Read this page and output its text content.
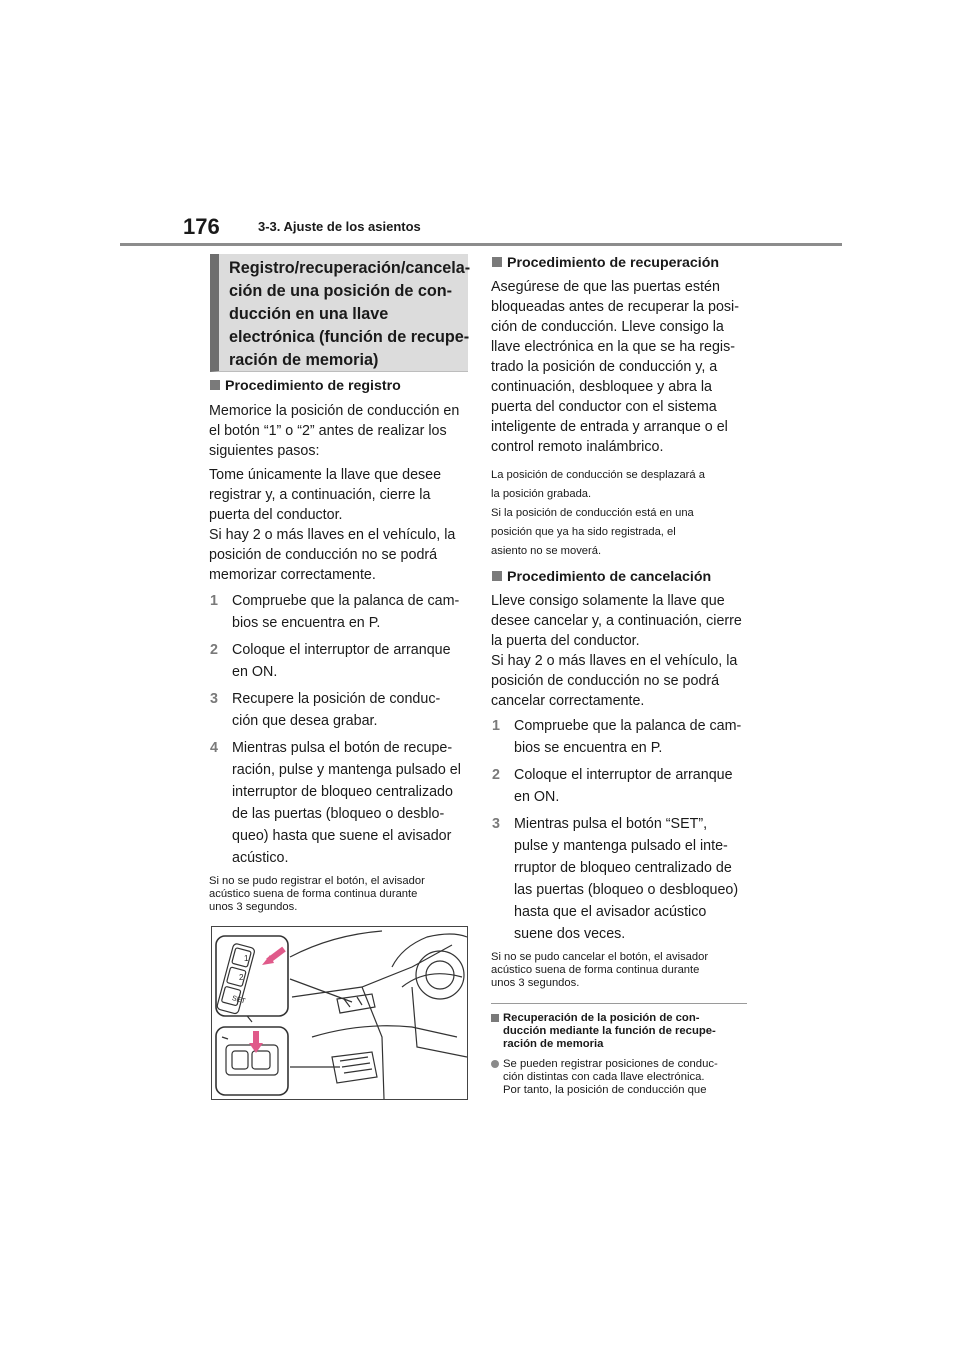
176	3-3. Ajuste de los asientos
Registro/recuperación/cancela-
ción de una posición de con-
ducción en una llave
electrónica (función de recupe-
ración de memoria)
Procedimiento de registro
Memorice la posición de conducción en
el botón “1” o “2” antes de realizar los
siguientes pasos:
Tome únicamente la llave que desee
registrar y, a continuación, cierre la
puerta del conductor.
Si hay 2 o más llaves en el vehículo, la
posición de conducción no se podrá
memorizar correctamente.
1 Compruebe que la palanca de cam-
bios se encuentra en P.
2 Coloque el interruptor de arranque
en ON.
3 Recupere la posición de conduc-
ción que desea grabar.
4 Mientras pulsa el botón de recupe-
ración, pulse y mantenga pulsado el
interruptor de bloqueo centralizado
de las puertas (bloqueo o desblo-
queo) hasta que suene el avisador
acústico.
Si no se pudo registrar el botón, el avisador
acústico suena de forma continua durante
unos 3 segundos.
1
2
SET
Procedimiento de recuperación
Asegúrese de que las puertas estén
bloqueadas antes de recuperar la posi-
ción de conducción. Lleve consigo la
llave electrónica en la que se ha regis-
trado la posición de conducción y, a
continuación, desbloquee y abra la
puerta del conductor con el sistema
inteligente de entrada y arranque o el
control remoto inalámbrico.
La posición de conducción se desplazará a
la posición grabada.
Si la posición de conducción está en una
posición que ya ha sido registrada, el
asiento no se moverá.
Procedimiento de cancelación
Lleve consigo solamente la llave que
desee cancelar y, a continuación, cierre
la puerta del conductor.
Si hay 2 o más llaves en el vehículo, la
posición de conducción no se podrá
cancelar correctamente.
1 Compruebe que la palanca de cam-
bios se encuentra en P.
2 Coloque el interruptor de arranque
en ON.
3 Mientras pulsa el botón “SET”,
pulse y mantenga pulsado el inte-
rruptor de bloqueo centralizado de
las puertas (bloqueo o desbloqueo)
hasta que el avisador acústico
suene dos veces.
Si no se pudo cancelar el botón, el avisador
acústico suena de forma continua durante
unos 3 segundos.
Recuperación de la posición de con-
ducción mediante la función de recupe-
ración de memoria
Se pueden registrar posiciones de conduc-
ción distintas con cada llave electrónica.
Por tanto, la posición de conducción que
